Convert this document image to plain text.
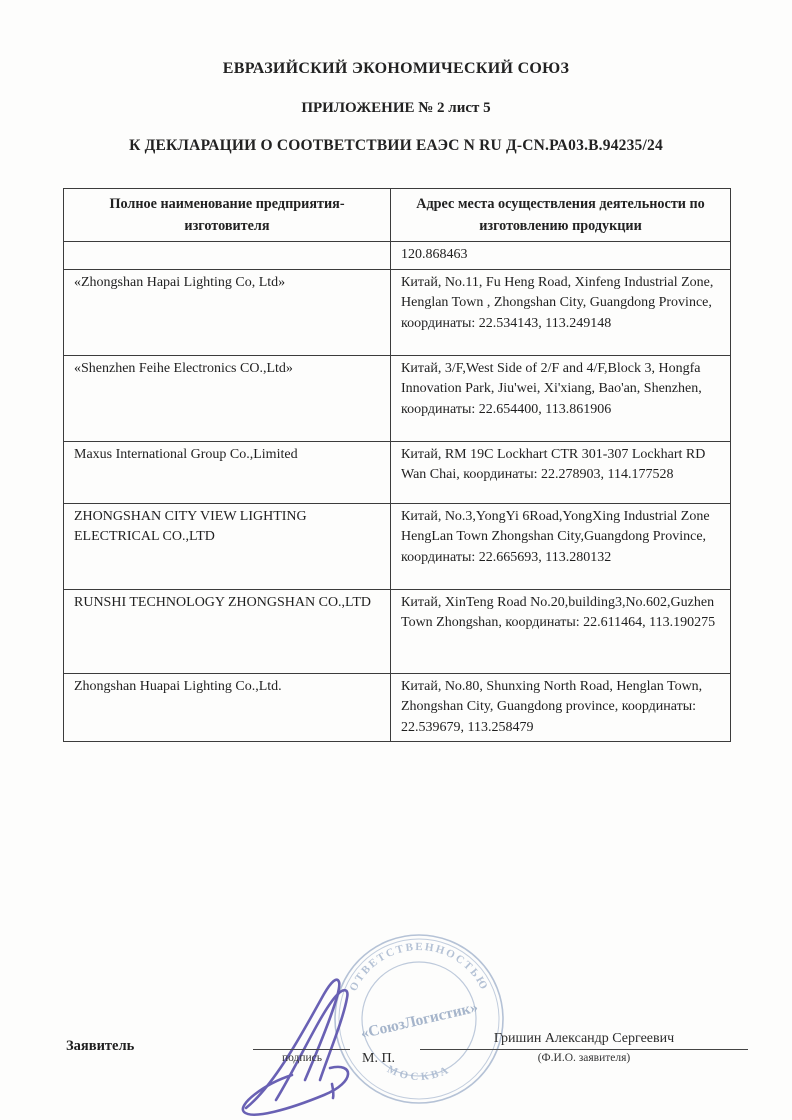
ЕВРАЗИЙСКИЙ ЭКОНОМИЧЕСКИЙ СОЮЗ
ПРИЛОЖЕНИЕ № 2 лист 5
К ДЕКЛАРАЦИИ О СООТВЕТСТВИИ ЕАЭС N RU Д-CN.РА03.В.94235/24
Полное наименование предприятия-изготовителя	Адрес места осуществления деятельности по изготовлению продукции
	120.868463
«Zhongshan Hapai Lighting Co, Ltd»	Китай, No.11, Fu Heng Road, Xinfeng Industrial Zone, Henglan Town , Zhongshan City, Guangdong Province, координаты: 22.534143, 113.249148
«Shenzhen Feihe Electronics CO.,Ltd»	Китай, 3/F,West Side of 2/F and 4/F,Block 3, Hongfa Innovation Park, Jiu'wei, Xi'xiang, Bao'an, Shenzhen, координаты: 22.654400, 113.861906
Maxus International Group Co.,Limited	Китай, RM 19C Lockhart CTR 301-307 Lockhart RD Wan Chai, координаты: 22.278903, 114.177528
ZHONGSHAN CITY VIEW LIGHTING ELECTRICAL CO.,LTD	Китай, No.3,YongYi 6Road,YongXing Industrial Zone HengLan Town Zhongshan City,Guangdong Province, координаты: 22.665693, 113.280132
RUNSHI TECHNOLOGY ZHONGSHAN CO.,LTD	Китай, XinTeng Road No.20,building3,No.602,Guzhen Town Zhongshan, координаты: 22.611464, 113.190275
Zhongshan Huapai Lighting Co.,Ltd.	Китай, No.80, Shunxing North Road, Henglan Town, Zhongshan City, Guangdong province, координаты: 22.539679, 113.258479
ОТВЕТСТВЕННОСТЬЮ
МОСКВА
«СоюзЛогистик»
Заявитель
подпись	М. П.
Гришин Александр Сергеевич
(Ф.И.О. заявителя)
